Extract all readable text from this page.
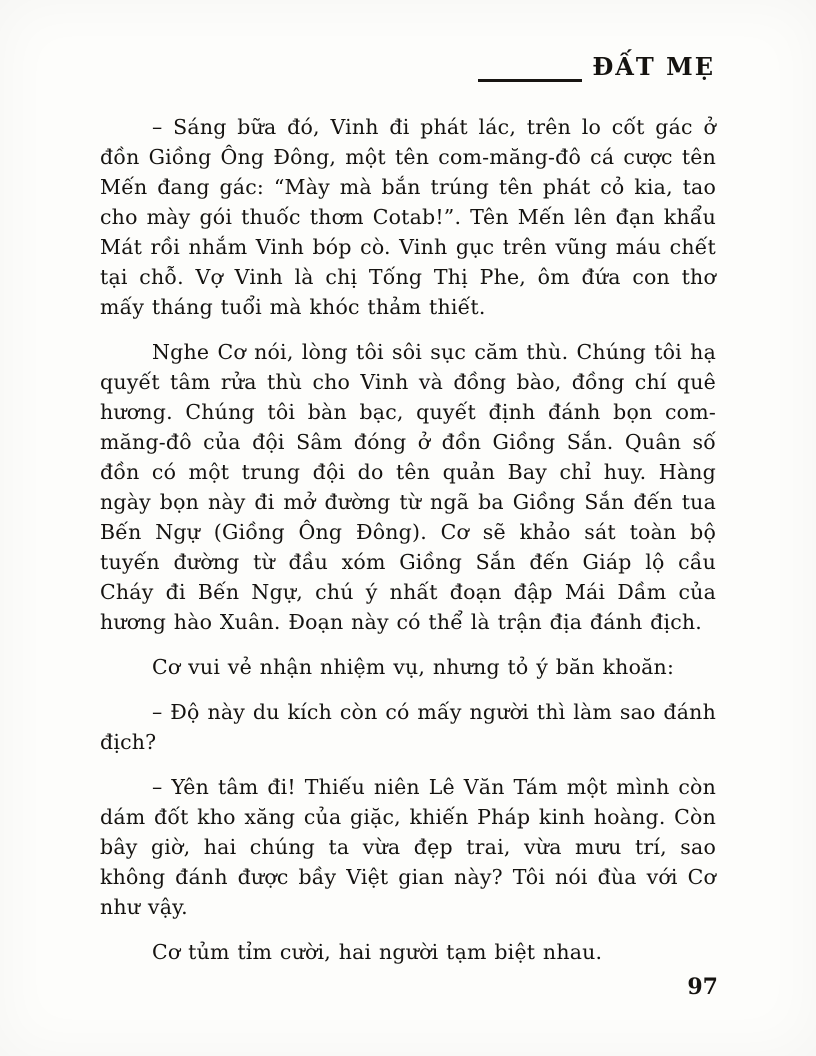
ĐẤT MẸ

– Sáng bữa đó, Vinh đi phát lác, trên lo cốt gác ở đồn Giồng Ông Đông, một tên com-măng-đô cá cược tên Mến đang gác: “Mày mà bắn trúng tên phát cỏ kia, tao cho mày gói thuốc thơm Cotab!”. Tên Mến lên đạn khẩu Mát rồi nhắm Vinh bóp cò. Vinh gục trên vũng máu chết tại chỗ. Vợ Vinh là chị Tống Thị Phe, ôm đứa con thơ mấy tháng tuổi mà khóc thảm thiết.

Nghe Cơ nói, lòng tôi sôi sục căm thù. Chúng tôi hạ quyết tâm rửa thù cho Vinh và đồng bào, đồng chí quê hương. Chúng tôi bàn bạc, quyết định đánh bọn com-măng-đô của đội Sâm đóng ở đồn Giồng Sắn. Quân số đồn có một trung đội do tên quản Bay chỉ huy. Hàng ngày bọn này đi mở đường từ ngã ba Giồng Sắn đến tua Bến Ngự (Giồng Ông Đông). Cơ sẽ khảo sát toàn bộ tuyến đường từ đầu xóm Giồng Sắn đến Giáp lộ cầu Cháy đi Bến Ngự, chú ý nhất đoạn đập Mái Dầm của hương hào Xuân. Đoạn này có thể là trận địa đánh địch.

Cơ vui vẻ nhận nhiệm vụ, nhưng tỏ ý băn khoăn:

– Độ này du kích còn có mấy người thì làm sao đánh địch?

– Yên tâm đi! Thiếu niên Lê Văn Tám một mình còn dám đốt kho xăng của giặc, khiến Pháp kinh hoàng. Còn bây giờ, hai chúng ta vừa đẹp trai, vừa mưu trí, sao không đánh được bầy Việt gian này? Tôi nói đùa với Cơ như vậy.

Cơ tủm tỉm cười, hai người tạm biệt nhau.

97
